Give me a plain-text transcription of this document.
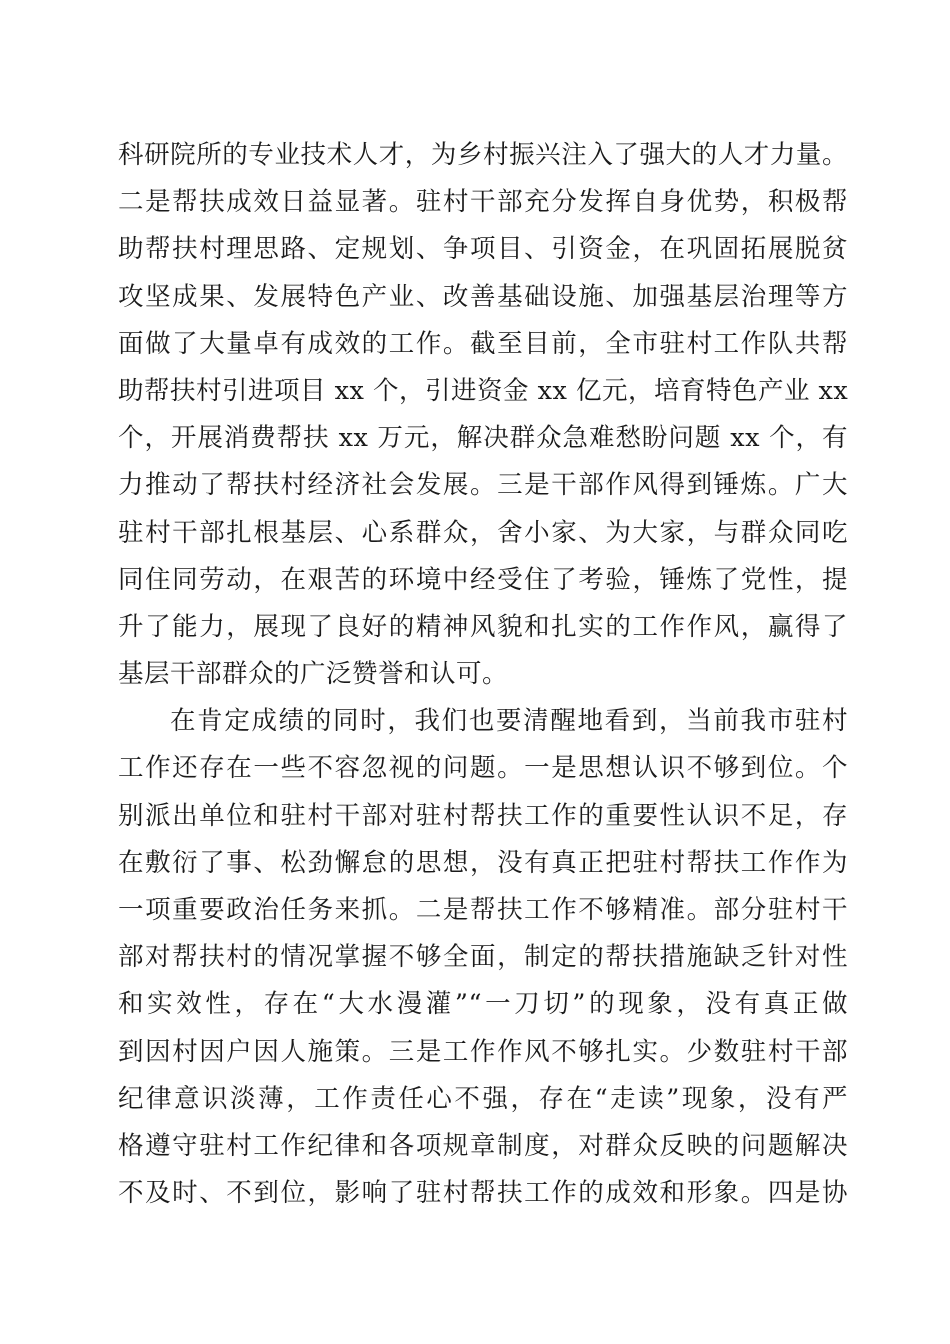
科研院所的专业技术人才，为乡村振兴注入了强大的人才力量。
二是帮扶成效日益显著。驻村干部充分发挥自身优势，积极帮
助帮扶村理思路、定规划、争项目、引资金，在巩固拓展脱贫
攻坚成果、发展特色产业、改善基础设施、加强基层治理等方
面做了大量卓有成效的工作。截至目前，全市驻村工作队共帮
助帮扶村引进项目 xx 个，引进资金 xx 亿元，培育特色产业 xx
个，开展消费帮扶 xx 万元，解决群众急难愁盼问题 xx 个，有
力推动了帮扶村经济社会发展。三是干部作风得到锤炼。广大
驻村干部扎根基层、心系群众，舍小家、为大家，与群众同吃
同住同劳动，在艰苦的环境中经受住了考验，锤炼了党性，提
升了能力，展现了良好的精神风貌和扎实的工作作风，赢得了
基层干部群众的广泛赞誉和认可。
在肯定成绩的同时，我们也要清醒地看到，当前我市驻村
工作还存在一些不容忽视的问题。一是思想认识不够到位。个
别派出单位和驻村干部对驻村帮扶工作的重要性认识不足，存
在敷衍了事、松劲懈怠的思想，没有真正把驻村帮扶工作作为
一项重要政治任务来抓。二是帮扶工作不够精准。部分驻村干
部对帮扶村的情况掌握不够全面，制定的帮扶措施缺乏针对性
和实效性，存在“大水漫灌”“一刀切”的现象，没有真正做
到因村因户因人施策。三是工作作风不够扎实。少数驻村干部
纪律意识淡薄，工作责任心不强，存在“走读”现象，没有严
格遵守驻村工作纪律和各项规章制度，对群众反映的问题解决
不及时、不到位，影响了驻村帮扶工作的成效和形象。四是协
